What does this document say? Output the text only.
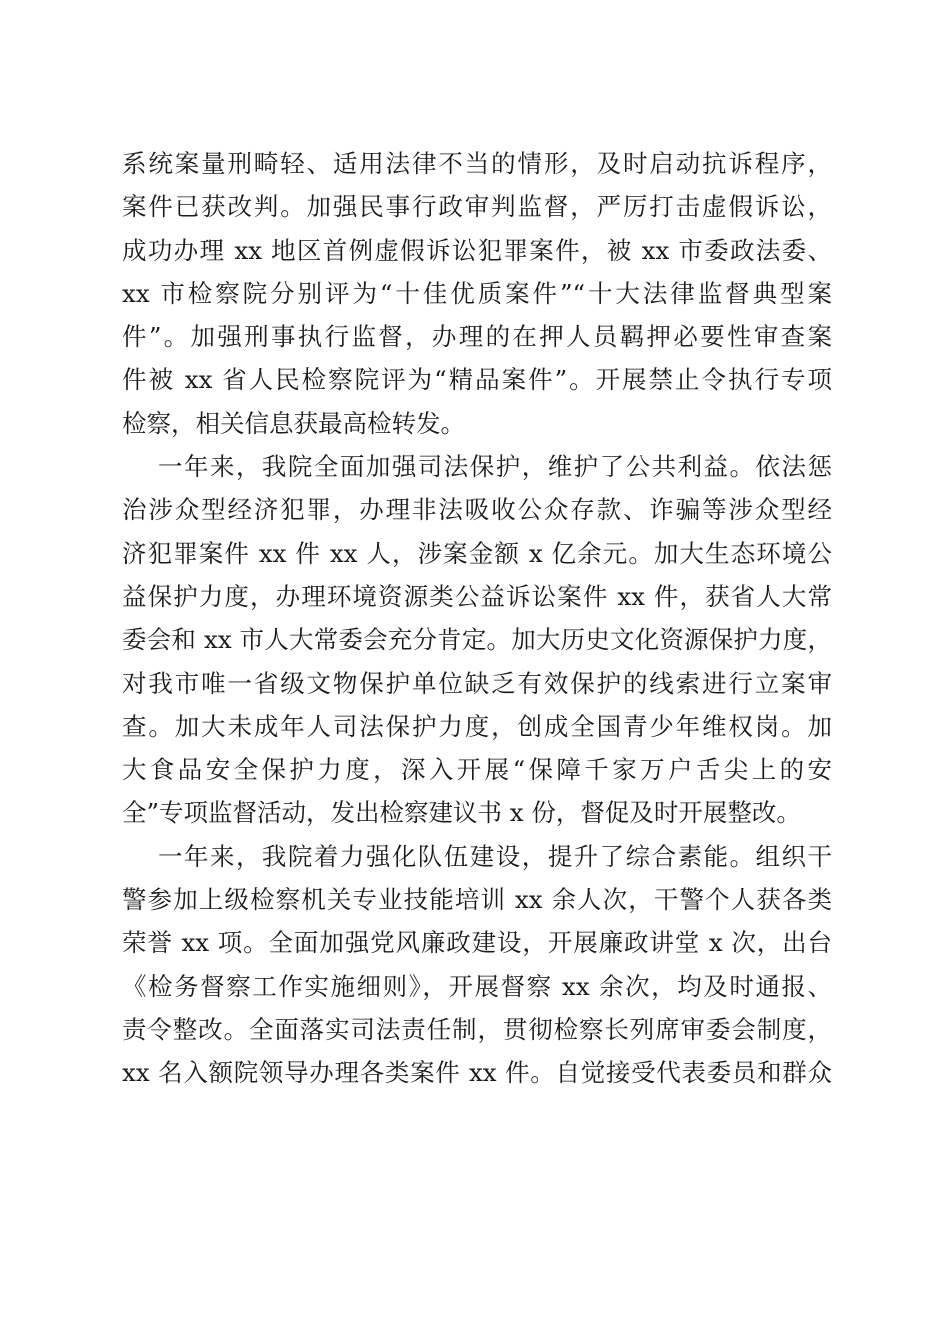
系统案量刑畸轻、适用法律不当的情形，及时启动抗诉程序，
案件已获改判。加强民事行政审判监督，严厉打击虚假诉讼，
成功办理 xx 地区首例虚假诉讼犯罪案件，被 xx 市委政法委、
xx 市检察院分别评为“十佳优质案件”“十大法律监督典型案
件”。加强刑事执行监督，办理的在押人员羁押必要性审查案
件被 xx 省人民检察院评为“精品案件”。开展禁止令执行专项
检察，相关信息获最高检转发。
一年来，我院全面加强司法保护，维护了公共利益。依法惩
治涉众型经济犯罪，办理非法吸收公众存款、诈骗等涉众型经
济犯罪案件 xx 件 xx 人，涉案金额 x 亿余元。加大生态环境公
益保护力度，办理环境资源类公益诉讼案件 xx 件，获省人大常
委会和 xx 市人大常委会充分肯定。加大历史文化资源保护力度，
对我市唯一省级文物保护单位缺乏有效保护的线索进行立案审
查。加大未成年人司法保护力度，创成全国青少年维权岗。加
大食品安全保护力度，深入开展“保障千家万户舌尖上的安
全”专项监督活动，发出检察建议书 x 份，督促及时开展整改。
一年来，我院着力强化队伍建设，提升了综合素能。组织干
警参加上级检察机关专业技能培训 xx 余人次，干警个人获各类
荣誉 xx 项。全面加强党风廉政建设，开展廉政讲堂 x 次，出台
《检务督察工作实施细则》，开展督察 xx 余次，均及时通报、
责令整改。全面落实司法责任制，贯彻检察长列席审委会制度，
xx 名入额院领导办理各类案件 xx 件。自觉接受代表委员和群众
